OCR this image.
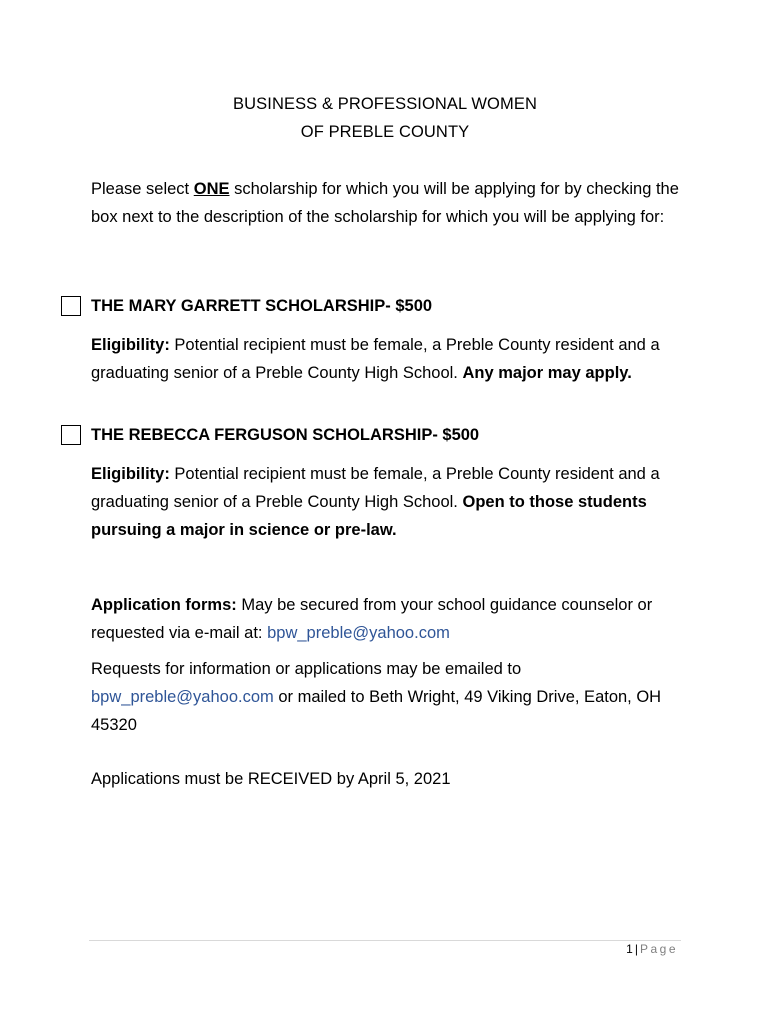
BUSINESS & PROFESSIONAL WOMEN
OF PREBLE COUNTY
Please select ONE scholarship for which you will be applying for by checking the box next to the description of the scholarship for which you will be applying for:
THE MARY GARRETT SCHOLARSHIP- $500
Eligibility: Potential recipient must be female, a Preble County resident and a graduating senior of a Preble County High School. Any major may apply.
THE REBECCA FERGUSON SCHOLARSHIP- $500
Eligibility: Potential recipient must be female, a Preble County resident and a graduating senior of a Preble County High School. Open to those students pursuing a major in science or pre-law.
Application forms: May be secured from your school guidance counselor or requested via e-mail at: bpw_preble@yahoo.com
Requests for information or applications may be emailed to bpw_preble@yahoo.com or mailed to Beth Wright, 49 Viking Drive, Eaton, OH 45320
Applications must be RECEIVED by April 5, 2021
1 | Page
